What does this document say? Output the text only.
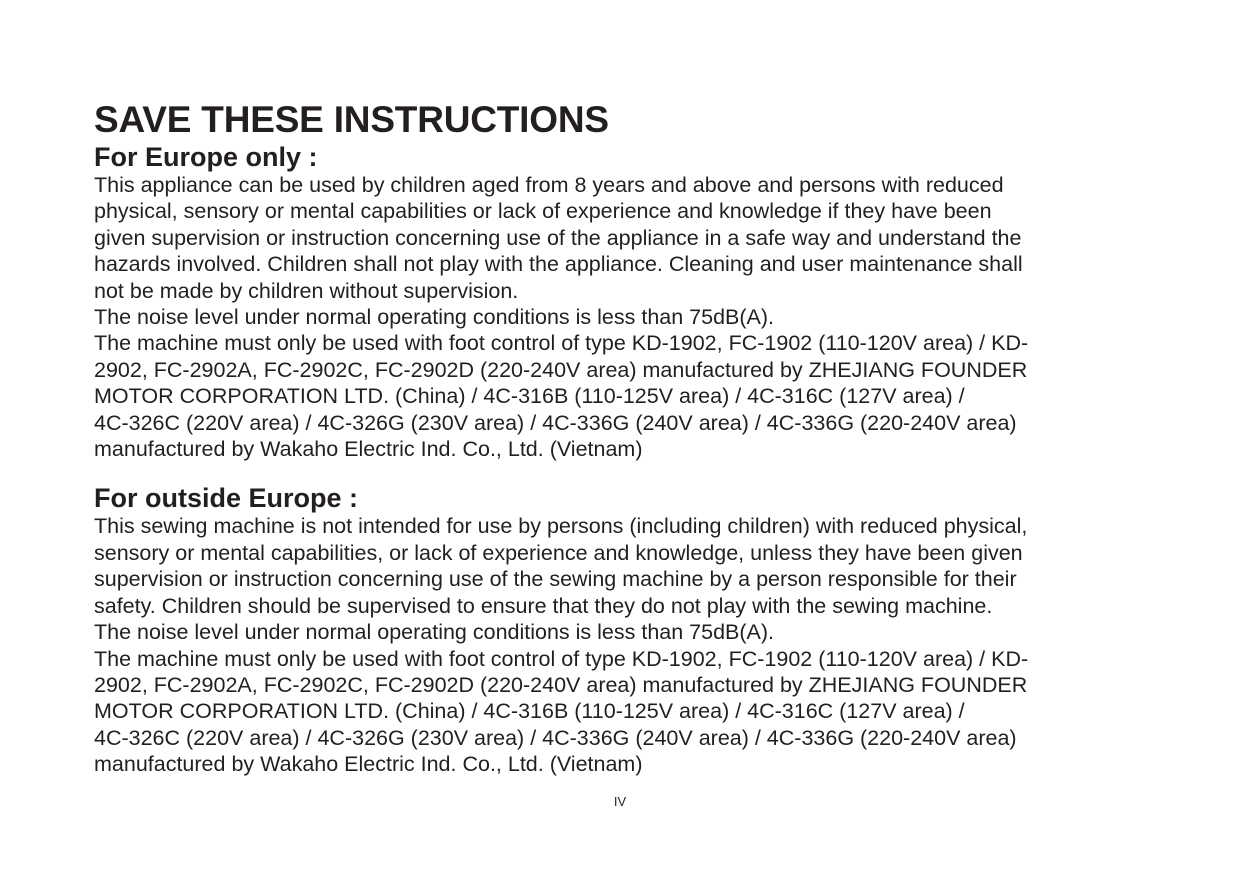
SAVE THESE INSTRUCTIONS
For Europe only :

This appliance can be used by children aged from 8 years and above and persons with reduced

physical, sensory or mental capabilities or lack of experience and knowledge if they have been

given supervision or instruction concerning use of the appliance in a safe way and understand the

hazards involved. Children shall not play with the appliance. Cleaning and user maintenance shall

not be made by children without supervision.

The noise level under normal operating conditions is less than 75dB(A).

The machine must only be used with foot control of type KD-1902, FC-1902 (110-120V area) / KD-

2902, FC-2902A, FC-2902C, FC-2902D (220-240V area) manufactured by ZHEJIANG FOUNDER

MOTOR CORPORATION LTD. (China) / 4C-316B (110-125V area) / 4C-316C (127V area) /

4C-326C (220V area) / 4C-326G (230V area) / 4C-336G (240V area) / 4C-336G (220-240V area)

manufactured by Wakaho Electric Ind. Co., Ltd. (Vietnam)

For outside Europe :

This sewing machine is not intended for use by persons (including children) with reduced physical,

sensory or mental capabilities, or lack of experience and knowledge, unless they have been given

supervision or instruction concerning use of the sewing machine by a person responsible for their

safety. Children should be supervised to ensure that they do not play with the sewing machine.

The noise level under normal operating conditions is less than 75dB(A).

The machine must only be used with foot control of type KD-1902, FC-1902 (110-120V area) / KD-

2902, FC-2902A, FC-2902C, FC-2902D (220-240V area) manufactured by ZHEJIANG FOUNDER

MOTOR CORPORATION LTD. (China) / 4C-316B (110-125V area) / 4C-316C (127V area) /

4C-326C (220V area) / 4C-326G (230V area) / 4C-336G (240V area) / 4C-336G (220-240V area)

manufactured by Wakaho Electric Ind. Co., Ltd. (Vietnam)

IV
